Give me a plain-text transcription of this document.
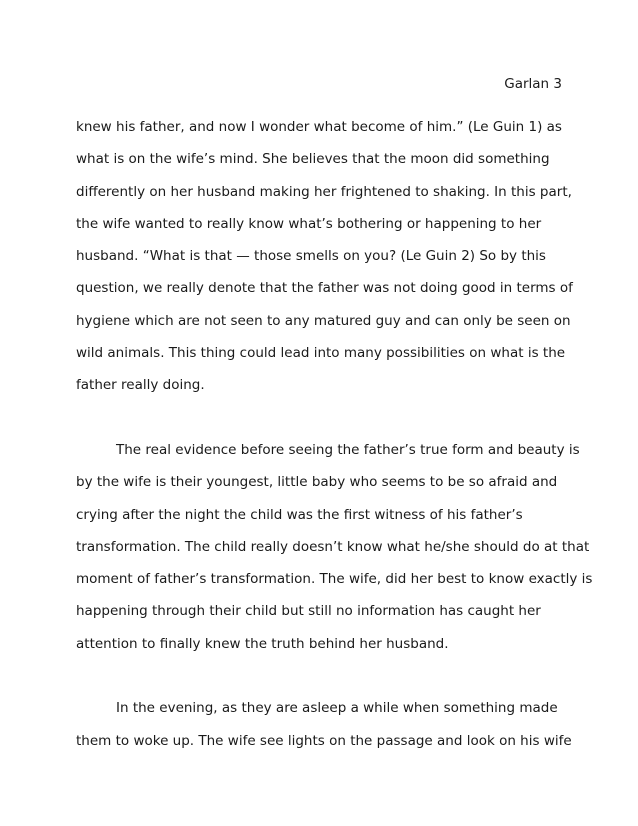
Garlan 3
knew his father, and now I wonder what become of him.” (Le Guin 1) as
what is on the wife’s mind. She believes that the moon did something
differently on her husband making her frightened to shaking. In this part,
the wife wanted to really know what’s bothering or happening to her
husband. “What is that — those smells on you? (Le Guin 2) So by this
question, we really denote that the father was not doing good in terms of
hygiene which are not seen to any matured guy and can only be seen on
wild animals. This thing could lead into many possibilities on what is the
father really doing.
The real evidence before seeing the father’s true form and beauty is
by the wife is their youngest, little baby who seems to be so afraid and
crying after the night the child was the first witness of his father’s
transformation. The child really doesn’t know what he/she should do at that
moment of father’s transformation. The wife, did her best to know exactly is
happening through their child but still no information has caught her
attention to finally knew the truth behind her husband.
In the evening, as they are asleep a while when something made
them to woke up. The wife see lights on the passage and look on his wife
